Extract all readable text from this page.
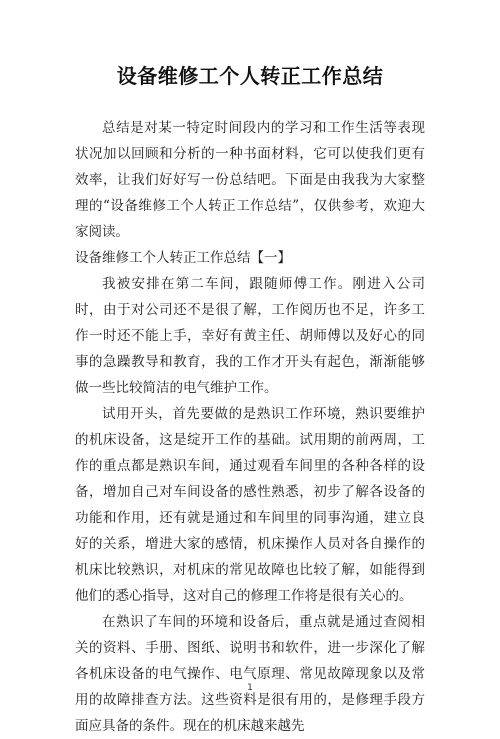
设备维修工个人转正工作总结

总结是对某一特定时间段内的学习和工作生活等表现状况加以回顾和分析的一种书面材料，它可以使我们更有效率，让我们好好写一份总结吧。下面是由我我为大家整理的“设备维修工个人转正工作总结”，仅供参考，欢迎大家阅读。

设备维修工个人转正工作总结【一】

我被安排在第二车间，跟随师傅工作。刚进入公司时，由于对公司还不是很了解，工作阅历也不足，许多工作一时还不能上手，幸好有黄主任、胡师傅以及好心的同事的急躁教导和教育，我的工作才开头有起色，渐渐能够做一些比较简洁的电气维护工作。

试用开头，首先要做的是熟识工作环境，熟识要维护的机床设备，这是绽开工作的基础。试用期的前两周，工作的重点都是熟识车间，通过观看车间里的各种各样的设备，增加自己对车间设备的感性熟悉，初步了解各设备的功能和作用，还有就是通过和车间里的同事沟通，建立良好的关系，增进大家的感情，机床操作人员对各自操作的机床比较熟识，对机床的常见故障也比较了解，如能得到他们的悉心指导，这对自己的修理工作将是很有关心的。

在熟识了车间的环境和设备后，重点就是通过查阅相关的资料、手册、图纸、说明书和软件，进一步深化了解各机床设备的电气操作、电气原理、常见故障现象以及常用的故障排查方法。这些资料是很有用的，是修理手段方面应具备的条件。现在的机床越来越先

1
